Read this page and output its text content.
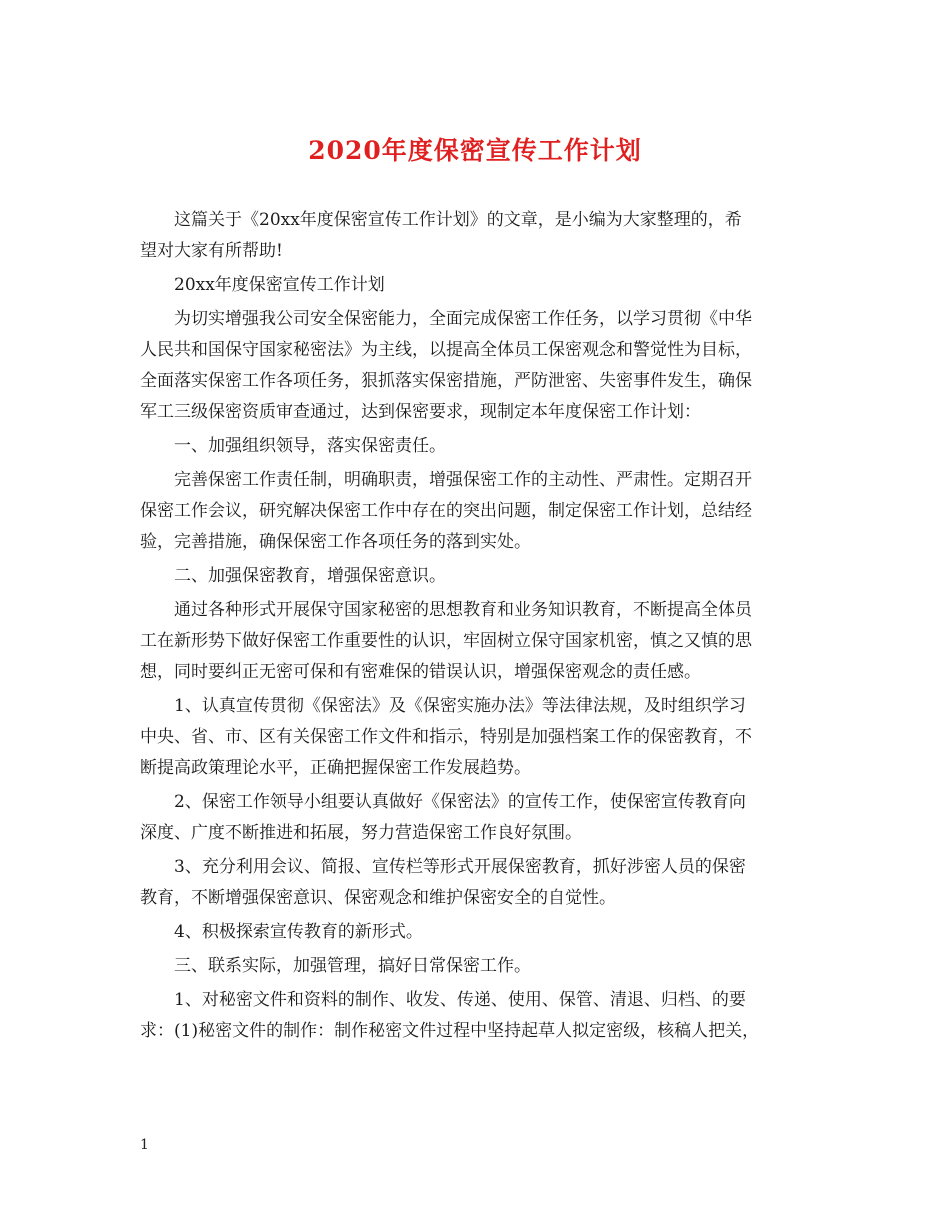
2020年度保密宣传工作计划
这篇关于《20xx年度保密宣传工作计划》的文章，是小编为大家整理的，希
望对大家有所帮助!
20xx年度保密宣传工作计划
为切实增强我公司安全保密能力，全面完成保密工作任务，以学习贯彻《中华
人民共和国保守国家秘密法》为主线，以提高全体员工保密观念和警觉性为目标，
全面落实保密工作各项任务，狠抓落实保密措施，严防泄密、失密事件发生，确保
军工三级保密资质审查通过，达到保密要求，现制定本年度保密工作计划：
一、加强组织领导，落实保密责任。
完善保密工作责任制，明确职责，增强保密工作的主动性、严肃性。定期召开
保密工作会议，研究解决保密工作中存在的突出问题，制定保密工作计划，总结经
验，完善措施，确保保密工作各项任务的落到实处。
二、加强保密教育，增强保密意识。
通过各种形式开展保守国家秘密的思想教育和业务知识教育，不断提高全体员
工在新形势下做好保密工作重要性的认识，牢固树立保守国家机密，慎之又慎的思
想，同时要纠正无密可保和有密难保的错误认识，增强保密观念的责任感。
1、认真宣传贯彻《保密法》及《保密实施办法》等法律法规，及时组织学习
中央、省、市、区有关保密工作文件和指示，特别是加强档案工作的保密教育，不
断提高政策理论水平，正确把握保密工作发展趋势。
2、保密工作领导小组要认真做好《保密法》的宣传工作，使保密宣传教育向
深度、广度不断推进和拓展，努力营造保密工作良好氛围。
3、充分利用会议、简报、宣传栏等形式开展保密教育，抓好涉密人员的保密
教育，不断增强保密意识、保密观念和维护保密安全的自觉性。
4、积极探索宣传教育的新形式。
三、联系实际，加强管理，搞好日常保密工作。
1、对秘密文件和资料的制作、收发、传递、使用、保管、清退、归档、的要
求：(1)秘密文件的制作：制作秘密文件过程中坚持起草人拟定密级，核稿人把关，
1
